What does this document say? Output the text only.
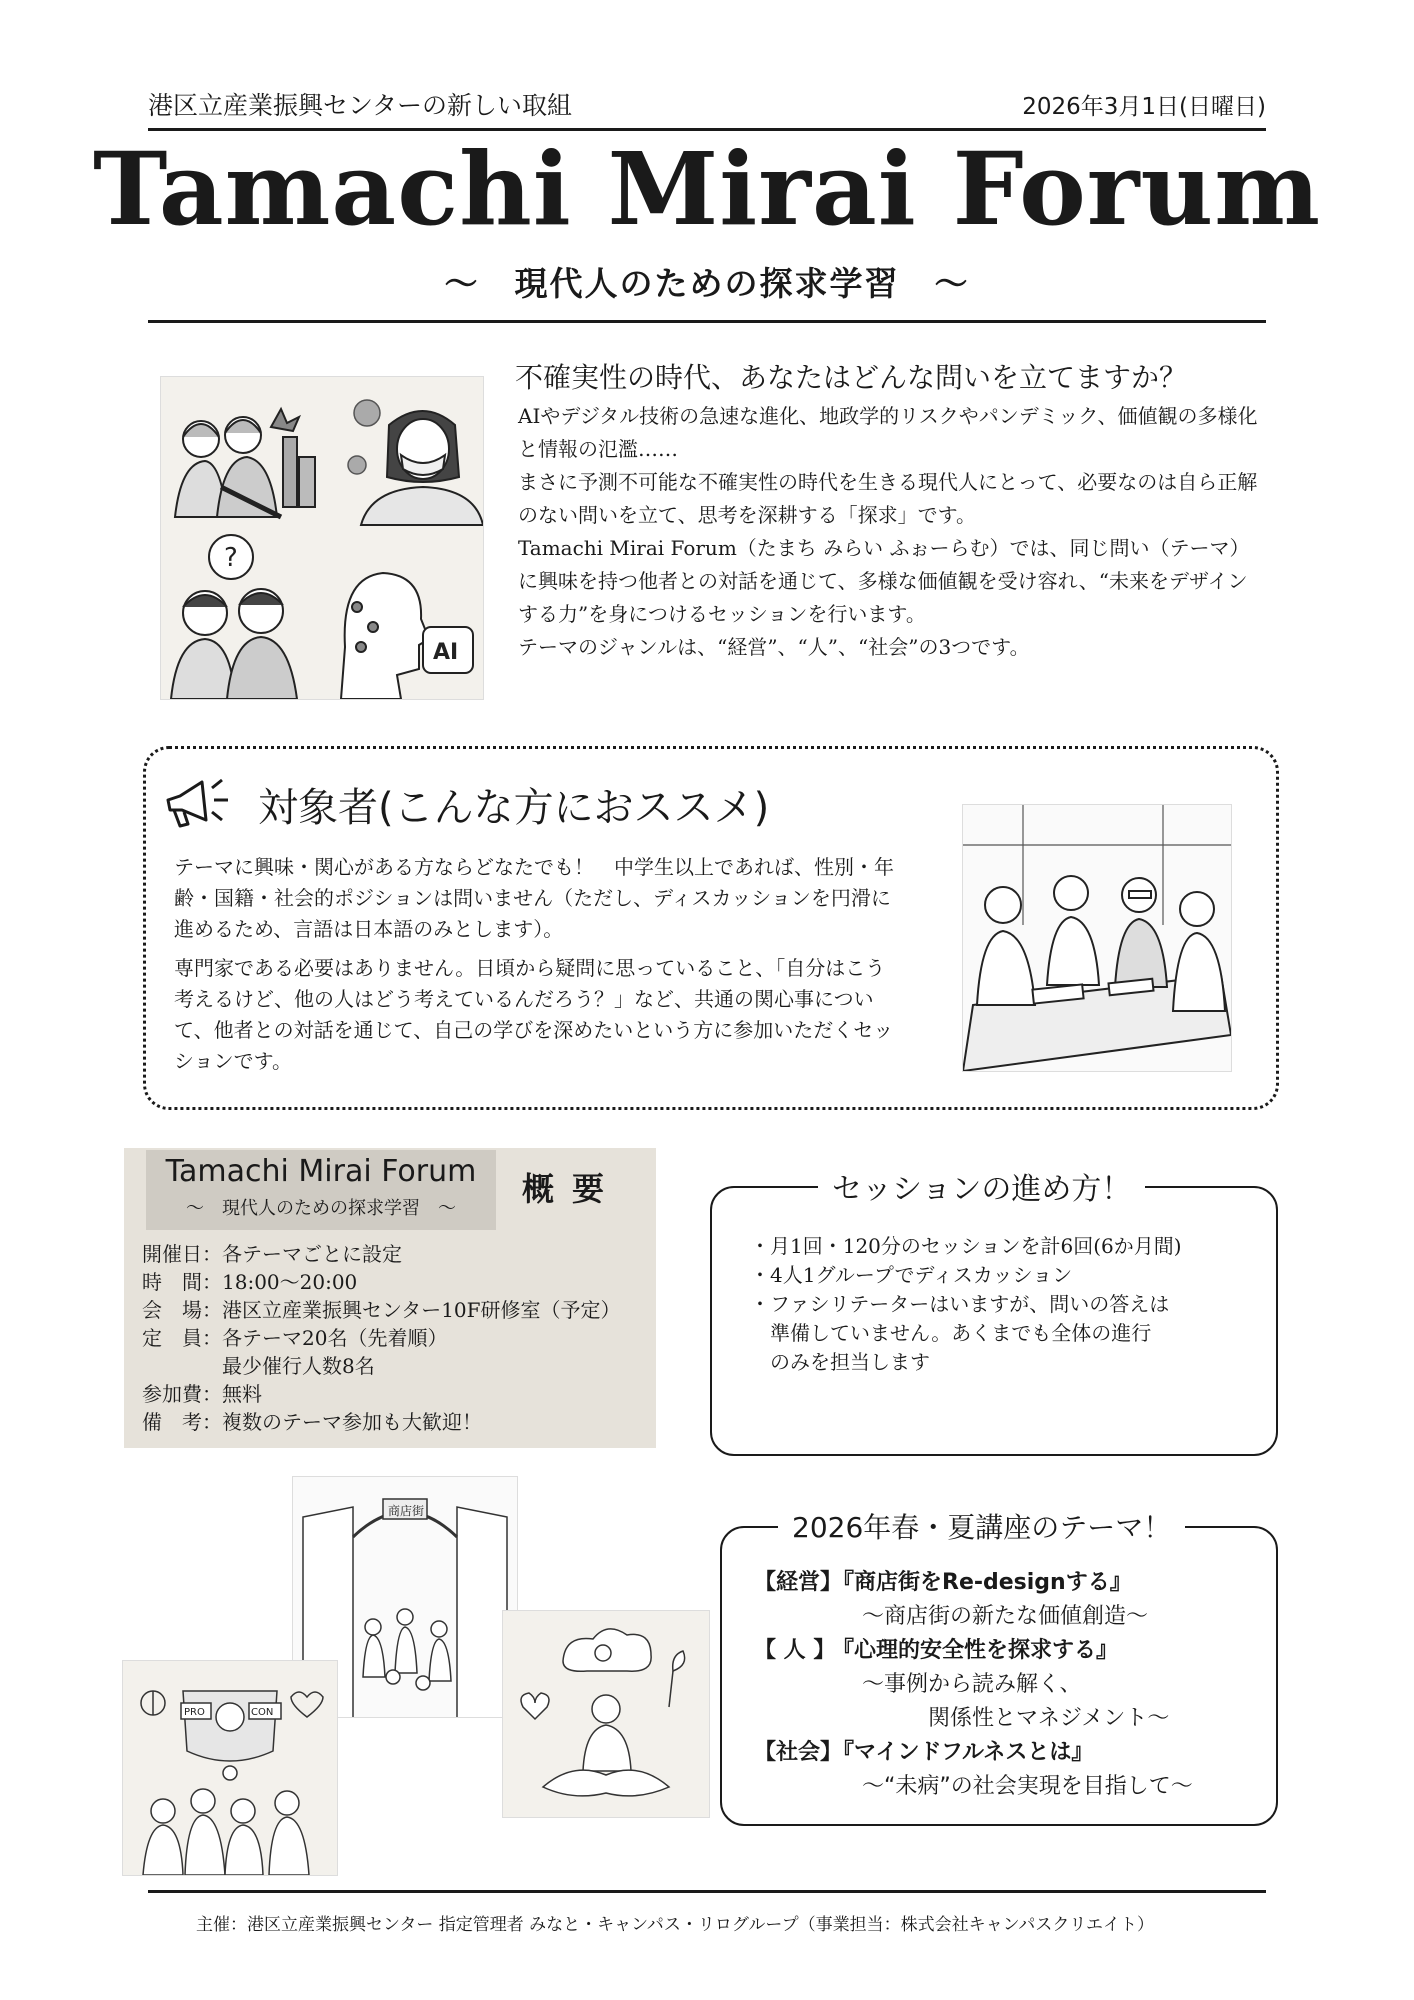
港区立産業振興センターの新しい取組	2026年3月1日(日曜日)
Tamachi Mirai Forum
～　現代人のための探求学習　～
?
AI
不確実性の時代、あなたはどんな問いを立てますか？

AIやデジタル技術の急速な進化、地政学的リスクやパンデミック、価値観の多様化と情報の氾濫……

まさに予測不可能な不確実性の時代を生きる現代人にとって、必要なのは自ら正解のない問いを立て、思考を深耕する「探求」です。

Tamachi Mirai Forum（たまち みらい ふぉーらむ）では、同じ問い（テーマ）に興味を持つ他者との対話を通じて、多様な価値観を受け容れ、“未来をデザインする力”を身につけるセッションを行います。

テーマのジャンルは、“経営”、“人”、“社会”の3つです。

対象者(こんな方におススメ)

テーマに興味・関心がある方ならどなたでも！　中学生以上であれば、性別・年齢・国籍・社会的ポジションは問いません（ただし、ディスカッションを円滑に進めるため、言語は日本語のみとします）。

専門家である必要はありません。日頃から疑問に思っていること、「自分はこう考えるけど、他の人はどう考えているんだろう？」など、共通の関心事について、他者との対話を通じて、自己の学びを深めたいという方に参加いただくセッションです。

Tamachi Mirai Forum
～　現代人のための探求学習　～
概要
開催日：各テーマごとに設定
時　間：18:00～20:00
会　場：港区立産業振興センター10F研修室（予定）
定　員：各テーマ20名（先着順）
最少催行人数8名
参加費：無料
備　考：複数のテーマ参加も大歓迎！
セッションの進め方！
・月1回・120分のセッションを計6回(6か月間)
・4人1グループでディスカッション
・ファシリテーターはいますが、問いの答えは
　準備していません。あくまでも全体の進行
　のみを担当します
商店街
PRO	CON
2026年春・夏講座のテーマ！
【経営】『商店街をRe-designする』
～商店街の新たな価値創造～
【 人 】『心理的安全性を探求する』
～事例から読み解く、
　　　関係性とマネジメント～
【社会】『マインドフルネスとは』
～“未病”の社会実現を目指して～
主催：港区立産業振興センター 指定管理者 みなと・キャンパス・リログループ（事業担当：株式会社キャンパスクリエイト）
